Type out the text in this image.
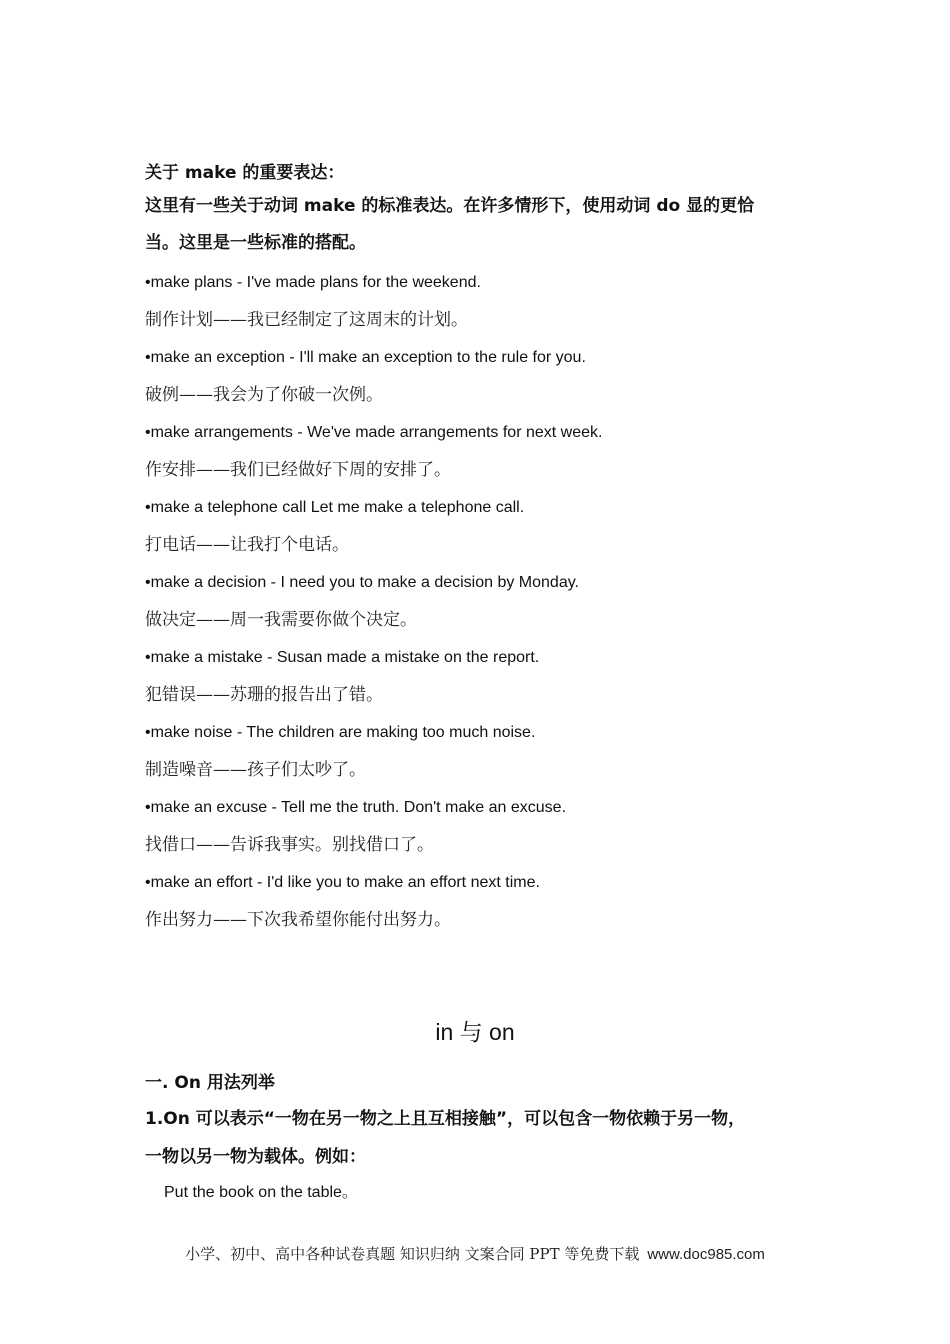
关于 make 的重要表达：

这里有一些关于动词 make 的标准表达。在许多情形下，使用动词 do 显的更恰

当。这里是一些标准的搭配。

•make plans - I've made plans for the weekend.

制作计划——我已经制定了这周末的计划。

•make an exception - I'll make an exception to the rule for you.

破例——我会为了你破一次例。

•make arrangements - We've made arrangements for next week.

作安排——我们已经做好下周的安排了。

•make a telephone call Let me make a telephone call.

打电话——让我打个电话。

•make a decision - I need you to make a decision by Monday.

做决定——周一我需要你做个决定。

•make a mistake - Susan made a mistake on the report.

犯错误——苏珊的报告出了错。

•make noise - The children are making too much noise.

制造噪音——孩子们太吵了。

•make an excuse - Tell me the truth. Don't make an excuse.

找借口——告诉我事实。别找借口了。

•make an effort - I'd like you to make an effort next time.

作出努力——下次我希望你能付出努力。

in 与 on

一. On 用法列举

1.On 可以表示“一物在另一物之上且互相接触”，可以包含一物依赖于另一物，

一物以另一物为载体。例如：

Put the book on the table。

小学、初中、高中各种试卷真题 知识归纳 文案合同 PPT 等免费下载 www.doc985.com
